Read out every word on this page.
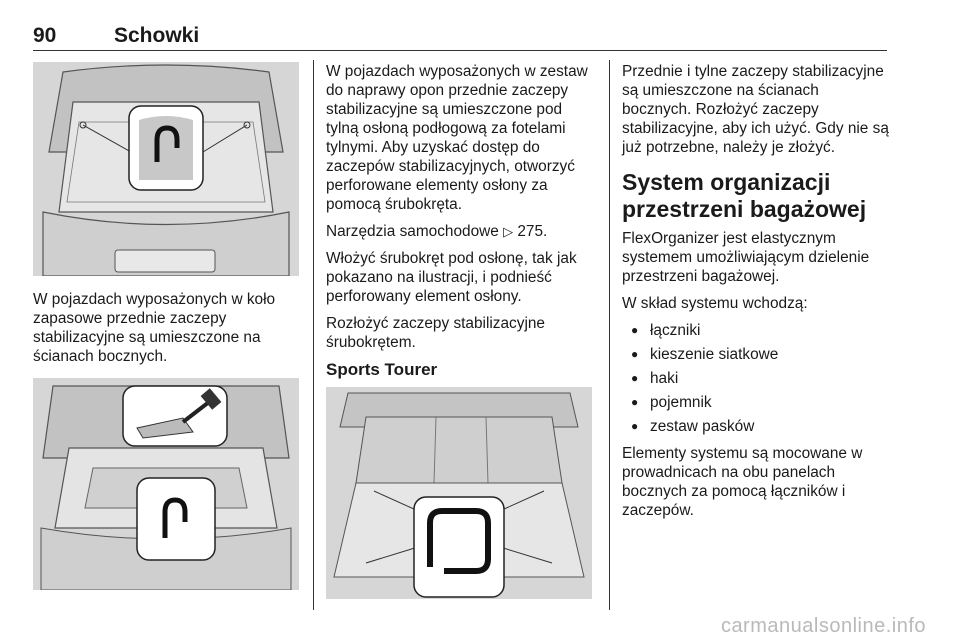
90	Schowki

W pojazdach wyposażonych w koło zapasowe przednie zaczepy stabilizacyjne są umieszczone na ścianach bocznych.

W pojazdach wyposażonych w zestaw do naprawy opon przednie zaczepy stabilizacyjne są umieszczone pod tylną osłoną podłogową za fotelami tylnymi. Aby uzyskać dostęp do zaczepów stabilizacyjnych, otworzyć perforowane elementy osłony za pomocą śrubokręta.

Narzędzia samochodowe ▷ 275.

Włożyć śrubokręt pod osłonę, tak jak pokazano na ilustracji, i podnieść perforowany element osłony.

Rozłożyć zaczepy stabilizacyjne śrubokrętem.

Sports Tourer

Przednie i tylne zaczepy stabilizacyjne są umieszczone na ścianach bocznych. Rozłożyć zaczepy stabilizacyjne, aby ich użyć. Gdy nie są już potrzebne, należy je złożyć.

System organizacji przestrzeni bagażowej

FlexOrganizer jest elastycznym systemem umożliwiającym dzielenie przestrzeni bagażowej.

W skład systemu wchodzą:

● łączniki
● kieszenie siatkowe
● haki
● pojemnik
● zestaw pasków

Elementy systemu są mocowane w prowadnicach na obu panelach bocznych za pomocą łączników i zaczepów.

carmanualsonline.info
